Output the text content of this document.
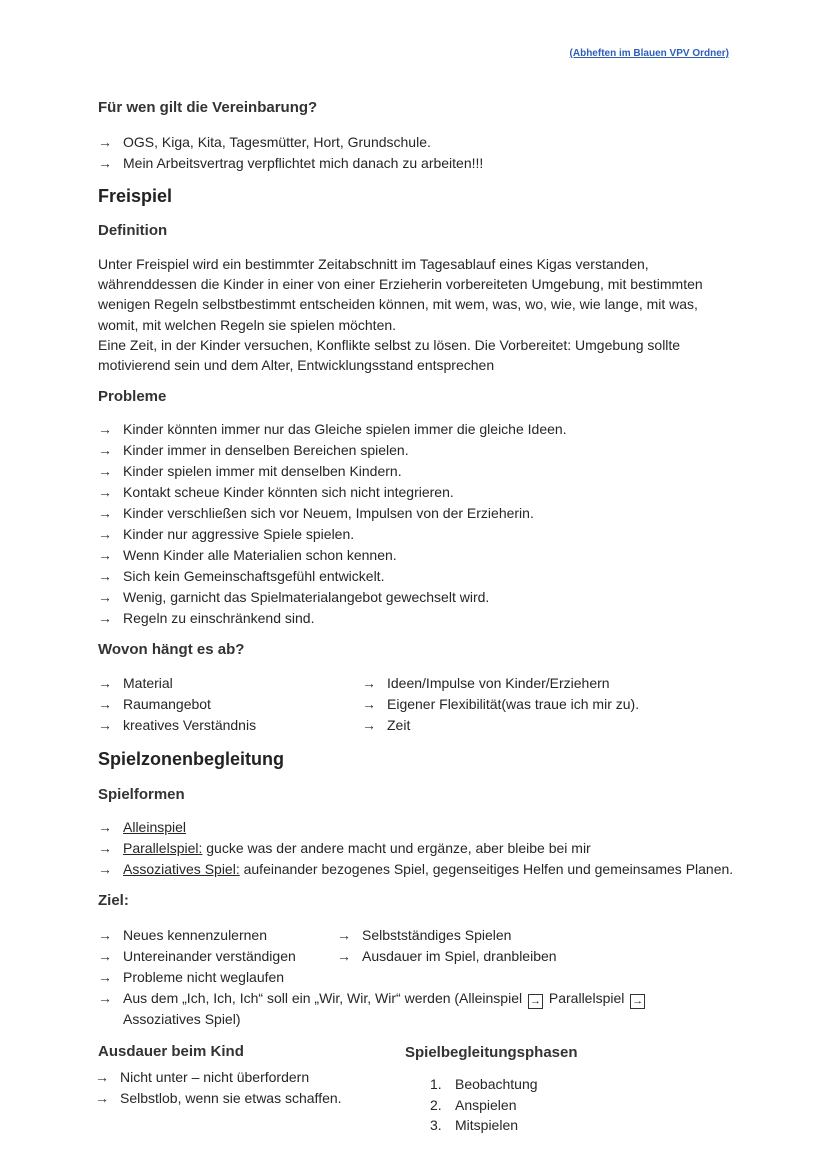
(Abheften im Blauen VPV Ordner)
Für wen gilt die Vereinbarung?
→ OGS, Kiga, Kita, Tagesmütter, Hort, Grundschule.
→ Mein Arbeitsvertrag verpflichtet mich danach zu arbeiten!!!
Freispiel
Definition
Unter Freispiel wird ein bestimmter Zeitabschnitt im Tagesablauf eines Kigas verstanden,
währenddessen die Kinder in einer von einer Erzieherin vorbereiteten Umgebung, mit bestimmten
wenigen Regeln selbstbestimmt entscheiden können, mit wem, was, wo, wie, wie lange, mit was,
womit, mit welchen Regeln sie spielen möchten.
Eine Zeit, in der Kinder versuchen, Konflikte selbst zu lösen. Die Vorbereitet: Umgebung sollte
motivierend sein und dem Alter, Entwicklungsstand entsprechen
Probleme
→ Kinder könnten immer nur das Gleiche spielen immer die gleiche Ideen.
→ Kinder immer in denselben Bereichen spielen.
→ Kinder spielen immer mit denselben Kindern.
→ Kontakt scheue Kinder könnten sich nicht integrieren.
→ Kinder verschließen sich vor Neuem, Impulsen von der Erzieherin.
→ Kinder nur aggressive Spiele spielen.
→ Wenn Kinder alle Materialien schon kennen.
→ Sich kein Gemeinschaftsgefühl entwickelt.
→ Wenig, garnicht das Spielmaterialangebot gewechselt wird.
→ Regeln zu einschränkend sind.
Wovon hängt es ab?
→ Material
→ Raumangebot
→ kreatives Verständnis
→ Ideen/Impulse von Kinder/Erziehern
→ Eigener Flexibilität(was traue ich mir zu).
→ Zeit
Spielzonenbegleitung
Spielformen
→ Alleinspiel
→ Parallelspiel: gucke was der andere macht und ergänze, aber bleibe bei mir
→ Assoziatives Spiel: aufeinander bezogenes Spiel, gegenseitiges Helfen und gemeinsames Planen.
Ziel:
→ Neues kennenzulernen
→ Untereinander verständigen
→ Probleme nicht weglaufen
→ Aus dem „Ich, Ich, Ich“ soll ein „Wir, Wir, Wir“ werden (Alleinspiel → Parallelspiel →
Assoziatives Spiel)
→ Selbstständiges Spielen
→ Ausdauer im Spiel, dranbleiben
Ausdauer beim Kind
→ Nicht unter – nicht überfordern
→ Selbstlob, wenn sie etwas schaffen.
Spielbegleitungsphasen
1. Beobachtung
2. Anspielen
3. Mitspielen
